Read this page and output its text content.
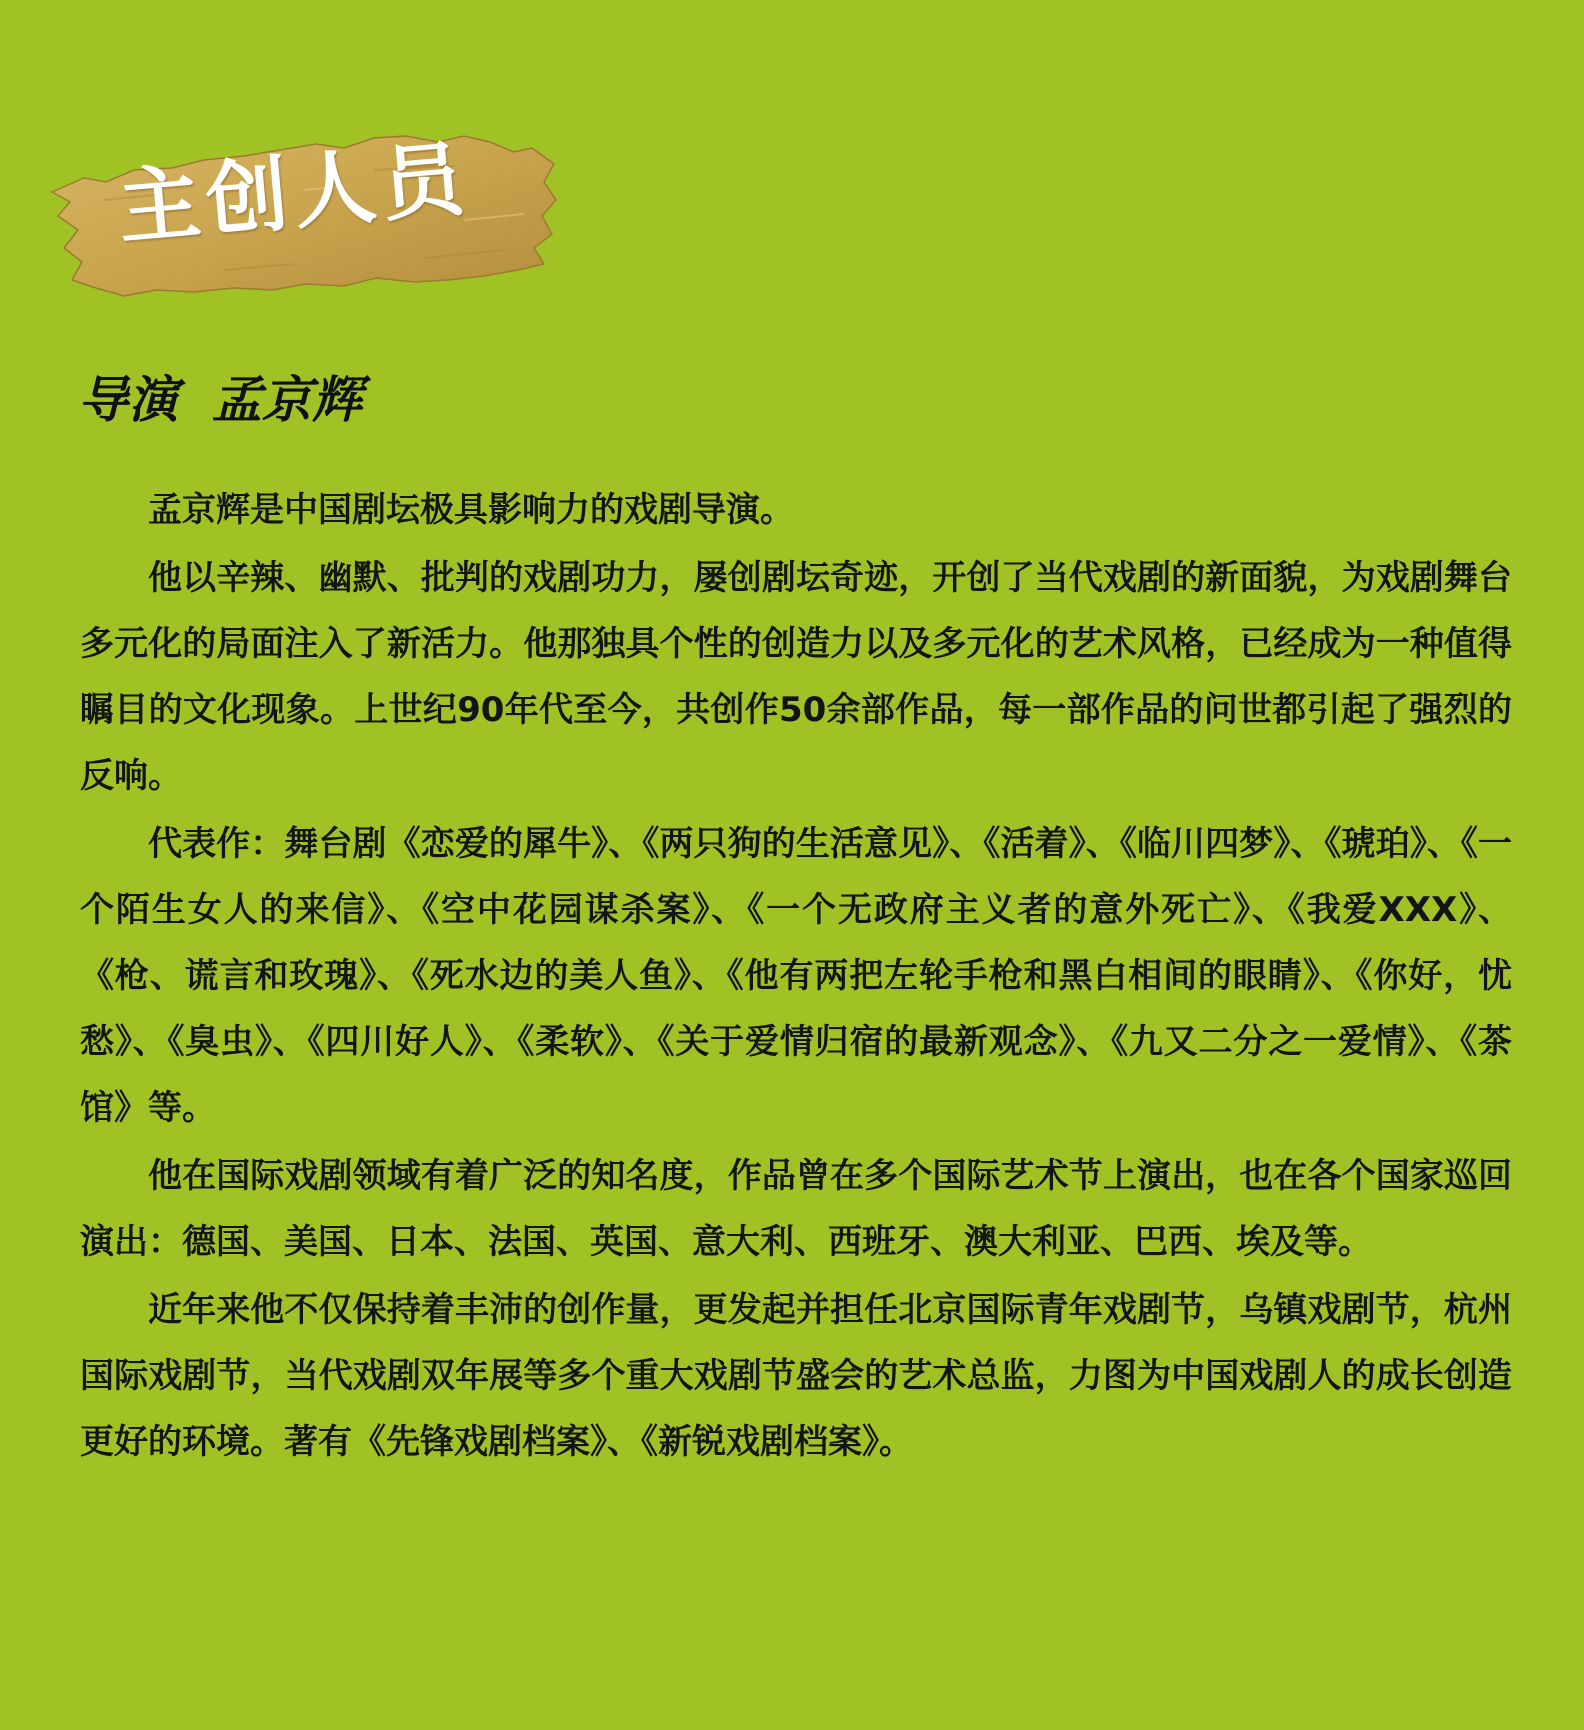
主创人员
导演 孟京辉

孟京辉是中国剧坛极具影响力的戏剧导演。

他以辛辣、幽默、批判的戏剧功力，屡创剧坛奇迹，开创了当代戏剧的新面貌，为戏剧舞台多元化的局面注入了新活力。他那独具个性的创造力以及多元化的艺术风格，已经成为一种值得瞩目的文化现象。上世纪90年代至今，共创作50余部作品，每一部作品的问世都引起了强烈的反响。

代表作：舞台剧《恋爱的犀牛》、《两只狗的生活意见》、《活着》、《临川四梦》、《琥珀》、《一个陌生女人的来信》、《空中花园谋杀案》、《一个无政府主义者的意外死亡》、《我爱XXX》、《枪、谎言和玫瑰》、《死水边的美人鱼》、《他有两把左轮手枪和黑白相间的眼睛》、《你好，忧愁》、《臭虫》、《四川好人》、《柔软》、《关于爱情归宿的最新观念》、《九又二分之一爱情》、《茶馆》等。

他在国际戏剧领域有着广泛的知名度，作品曾在多个国际艺术节上演出，也在各个国家巡回演出：德国、美国、日本、法国、英国、意大利、西班牙、澳大利亚、巴西、埃及等。

近年来他不仅保持着丰沛的创作量，更发起并担任北京国际青年戏剧节，乌镇戏剧节，杭州国际戏剧节，当代戏剧双年展等多个重大戏剧节盛会的艺术总监，力图为中国戏剧人的成长创造更好的环境。著有《先锋戏剧档案》、《新锐戏剧档案》。
